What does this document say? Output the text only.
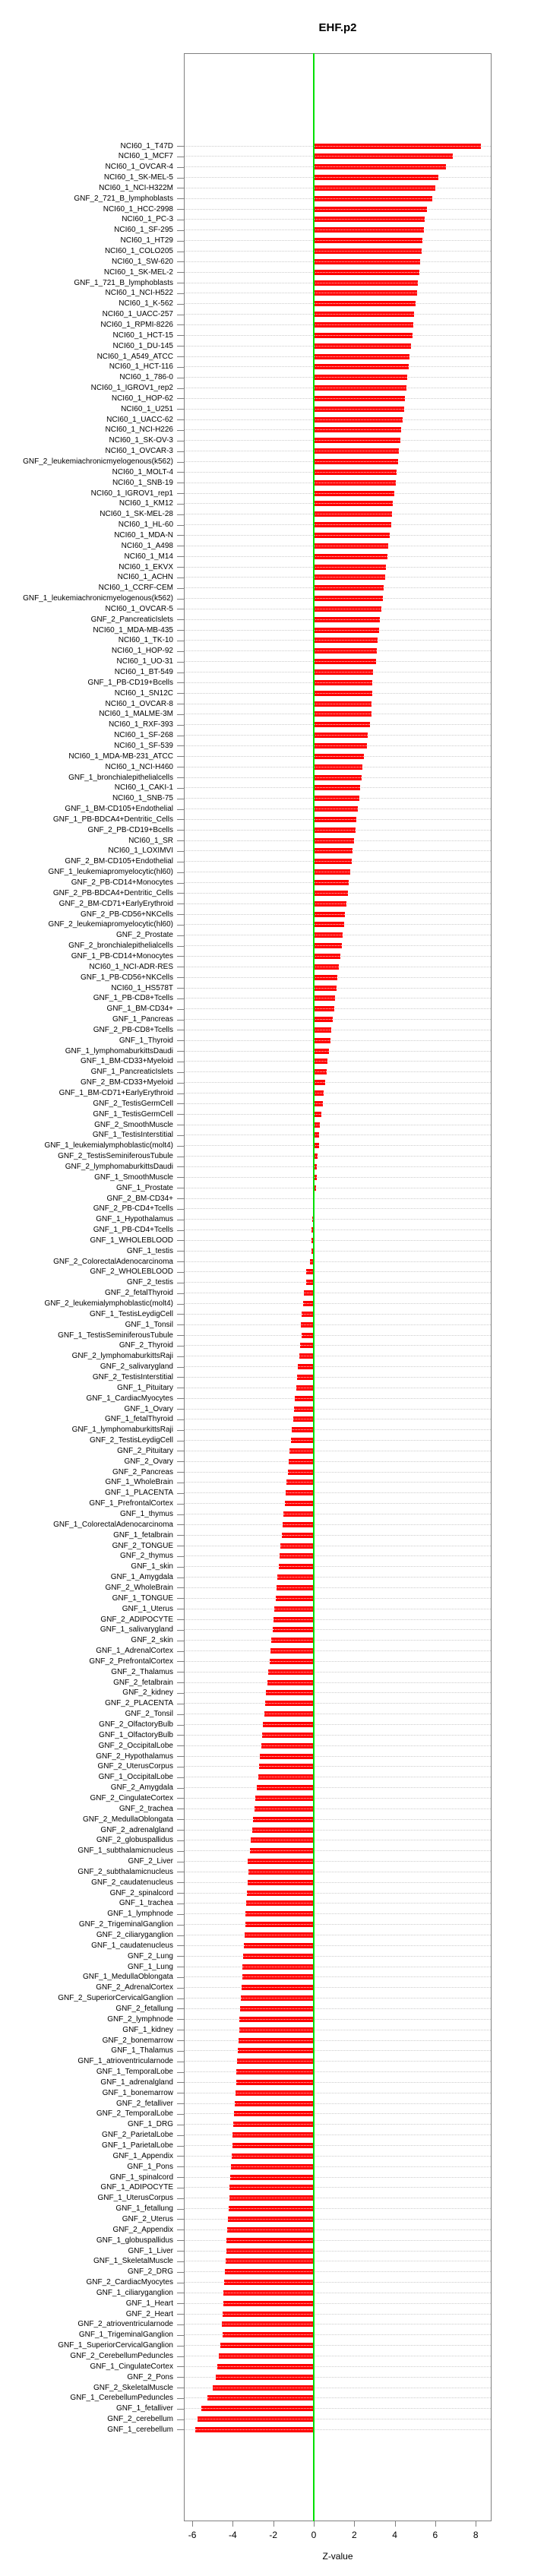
EHF.p2
NCI60_1_T47D
NCI60_1_MCF7
NCI60_1_OVCAR-4
NCI60_1_SK-MEL-5
NCI60_1_NCI-H322M
GNF_2_721_B_lymphoblasts
NCI60_1_HCC-2998
NCI60_1_PC-3
NCI60_1_SF-295
NCI60_1_HT29
NCI60_1_COLO205
NCI60_1_SW-620
NCI60_1_SK-MEL-2
GNF_1_721_B_lymphoblasts
NCI60_1_NCI-H522
NCI60_1_K-562
NCI60_1_UACC-257
NCI60_1_RPMI-8226
NCI60_1_HCT-15
NCI60_1_DU-145
NCI60_1_A549_ATCC
NCI60_1_HCT-116
NCI60_1_786-0
NCI60_1_IGROV1_rep2
NCI60_1_HOP-62
NCI60_1_U251
NCI60_1_UACC-62
NCI60_1_NCI-H226
NCI60_1_SK-OV-3
NCI60_1_OVCAR-3
GNF_2_leukemiachronicmyelogenous(k562)
NCI60_1_MOLT-4
NCI60_1_SNB-19
NCI60_1_IGROV1_rep1
NCI60_1_KM12
NCI60_1_SK-MEL-28
NCI60_1_HL-60
NCI60_1_MDA-N
NCI60_1_A498
NCI60_1_M14
NCI60_1_EKVX
NCI60_1_ACHN
NCI60_1_CCRF-CEM
GNF_1_leukemiachronicmyelogenous(k562)
NCI60_1_OVCAR-5
GNF_2_PancreaticIslets
NCI60_1_MDA-MB-435
NCI60_1_TK-10
NCI60_1_HOP-92
NCI60_1_UO-31
NCI60_1_BT-549
GNF_1_PB-CD19+Bcells
NCI60_1_SN12C
NCI60_1_OVCAR-8
NCI60_1_MALME-3M
NCI60_1_RXF-393
NCI60_1_SF-268
NCI60_1_SF-539
NCI60_1_MDA-MB-231_ATCC
NCI60_1_NCI-H460
GNF_1_bronchialepithelialcells
NCI60_1_CAKI-1
NCI60_1_SNB-75
GNF_1_BM-CD105+Endothelial
GNF_1_PB-BDCA4+Dentritic_Cells
GNF_2_PB-CD19+Bcells
NCI60_1_SR
NCI60_1_LOXIMVI
GNF_2_BM-CD105+Endothelial
GNF_1_leukemiapromyelocytic(hl60)
GNF_2_PB-CD14+Monocytes
GNF_2_PB-BDCA4+Dentritic_Cells
GNF_2_BM-CD71+EarlyErythroid
GNF_2_PB-CD56+NKCells
GNF_2_leukemiapromyelocytic(hl60)
GNF_2_Prostate
GNF_2_bronchialepithelialcells
GNF_1_PB-CD14+Monocytes
NCI60_1_NCI-ADR-RES
GNF_1_PB-CD56+NKCells
NCI60_1_HS578T
GNF_1_PB-CD8+Tcells
GNF_1_BM-CD34+
GNF_1_Pancreas
GNF_2_PB-CD8+Tcells
GNF_1_Thyroid
GNF_1_lymphomaburkittsDaudi
GNF_1_BM-CD33+Myeloid
GNF_1_PancreaticIslets
GNF_2_BM-CD33+Myeloid
GNF_1_BM-CD71+EarlyErythroid
GNF_2_TestisGermCell
GNF_1_TestisGermCell
GNF_2_SmoothMuscle
GNF_1_TestisInterstitial
GNF_1_leukemialymphoblastic(molt4)
GNF_2_TestisSeminiferousTubule
GNF_2_lymphomaburkittsDaudi
GNF_1_SmoothMuscle
GNF_1_Prostate
GNF_2_BM-CD34+
GNF_2_PB-CD4+Tcells
GNF_1_Hypothalamus
GNF_1_PB-CD4+Tcells
GNF_1_WHOLEBLOOD
GNF_1_testis
GNF_2_ColorectalAdenocarcinoma
GNF_2_WHOLEBLOOD
GNF_2_testis
GNF_2_fetalThyroid
GNF_2_leukemialymphoblastic(molt4)
GNF_1_TestisLeydigCell
GNF_1_Tonsil
GNF_1_TestisSeminiferousTubule
GNF_2_Thyroid
GNF_2_lymphomaburkittsRaji
GNF_2_salivarygland
GNF_2_TestisInterstitial
GNF_1_Pituitary
GNF_1_CardiacMyocytes
GNF_1_Ovary
GNF_1_fetalThyroid
GNF_1_lymphomaburkittsRaji
GNF_2_TestisLeydigCell
GNF_2_Pituitary
GNF_2_Ovary
GNF_2_Pancreas
GNF_1_WholeBrain
GNF_1_PLACENTA
GNF_1_PrefrontalCortex
GNF_1_thymus
GNF_1_ColorectalAdenocarcinoma
GNF_1_fetalbrain
GNF_2_TONGUE
GNF_2_thymus
GNF_1_skin
GNF_1_Amygdala
GNF_2_WholeBrain
GNF_1_TONGUE
GNF_1_Uterus
GNF_2_ADIPOCYTE
GNF_1_salivarygland
GNF_2_skin
GNF_1_AdrenalCortex
GNF_2_PrefrontalCortex
GNF_2_Thalamus
GNF_2_fetalbrain
GNF_2_kidney
GNF_2_PLACENTA
GNF_2_Tonsil
GNF_2_OlfactoryBulb
GNF_1_OlfactoryBulb
GNF_2_OccipitalLobe
GNF_2_Hypothalamus
GNF_2_UterusCorpus
GNF_1_OccipitalLobe
GNF_2_Amygdala
GNF_2_CingulateCortex
GNF_2_trachea
GNF_2_MedullaOblongata
GNF_2_adrenalgland
GNF_2_globuspallidus
GNF_1_subthalamicnucleus
GNF_2_Liver
GNF_2_subthalamicnucleus
GNF_2_caudatenucleus
GNF_2_spinalcord
GNF_1_trachea
GNF_1_lymphnode
GNF_2_TrigeminalGanglion
GNF_2_ciliaryganglion
GNF_1_caudatenucleus
GNF_2_Lung
GNF_1_Lung
GNF_1_MedullaOblongata
GNF_2_AdrenalCortex
GNF_2_SuperiorCervicalGanglion
GNF_2_fetallung
GNF_2_lymphnode
GNF_1_kidney
GNF_2_bonemarrow
GNF_1_Thalamus
GNF_1_atrioventricularnode
GNF_1_TemporalLobe
GNF_1_adrenalgland
GNF_1_bonemarrow
GNF_2_fetalliver
GNF_2_TemporalLobe
GNF_1_DRG
GNF_2_ParietalLobe
GNF_1_ParietalLobe
GNF_1_Appendix
GNF_1_Pons
GNF_1_spinalcord
GNF_1_ADIPOCYTE
GNF_1_UterusCorpus
GNF_1_fetallung
GNF_2_Uterus
GNF_2_Appendix
GNF_1_globuspallidus
GNF_1_Liver
GNF_1_SkeletalMuscle
GNF_2_DRG
GNF_2_CardiacMyocytes
GNF_1_ciliaryganglion
GNF_1_Heart
GNF_2_Heart
GNF_2_atrioventricularnode
GNF_1_TrigeminalGanglion
GNF_1_SuperiorCervicalGanglion
GNF_2_CerebellumPeduncles
GNF_1_CingulateCortex
GNF_2_Pons
GNF_2_SkeletalMuscle
GNF_1_CerebellumPeduncles
GNF_1_fetalliver
GNF_2_cerebellum
GNF_1_cerebellum
-6	-4	-2	0	2	4	6	8
Z-value
